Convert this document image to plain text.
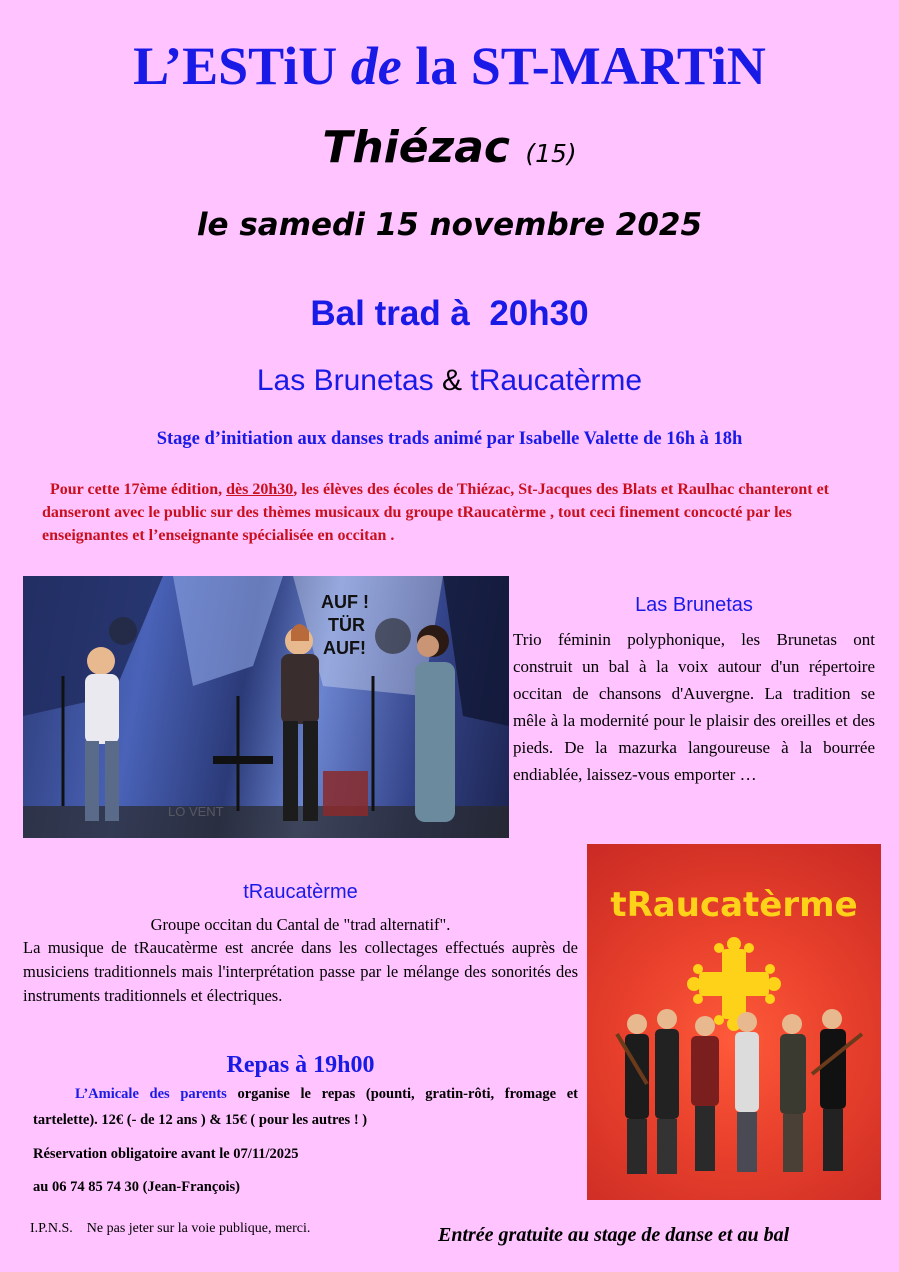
L’ESTiU de la ST-MARTiN
Thiézac (15)
le samedi 15 novembre 2025
Bal trad à  20h30
Las Brunetas & tRaucatèrme
Stage d’initiation aux danses trads animé par Isabelle Valette de 16h à 18h
Pour cette 17ème édition, dès 20h30, les élèves des écoles de Thiézac, St-Jacques des Blats et Raulhac chanteront et danseront avec le public sur des thèmes musicaux du groupe tRaucatèrme , tout ceci finement concocté par les enseignantes et l’enseignante spécialisée en occitan .
AUF !
TÜR
AUF!
Las Brunetas
Trio féminin polyphonique, les Brunetas ont construit un bal à la voix autour d'un répertoire occitan de chansons d'Auvergne. La tradition se mêle à la modernité pour le plaisir des oreilles et des pieds. De la mazurka langoureuse à la bourrée endiablée, laissez-vous emporter …
tRaucatèrme
Groupe occitan du Cantal de "trad alternatif".
La musique de tRaucatèrme est ancrée dans les collectages effectués auprès de musiciens traditionnels mais l'interprétation passe par le mélange des sonorités des instruments traditionnels et électriques.
tRaucatèrme
Repas à 19h00
L’Amicale des parents organise le repas (pounti, gratin-rôti, fromage et tartelette). 12€ (- de 12 ans ) & 15€ ( pour les autres ! )
Réservation obligatoire avant le 07/11/2025
au 06 74 85 74 30 (Jean-François)
I.P.N.S.    Ne pas jeter sur la voie publique, merci.	Entrée gratuite au stage de danse et au bal
